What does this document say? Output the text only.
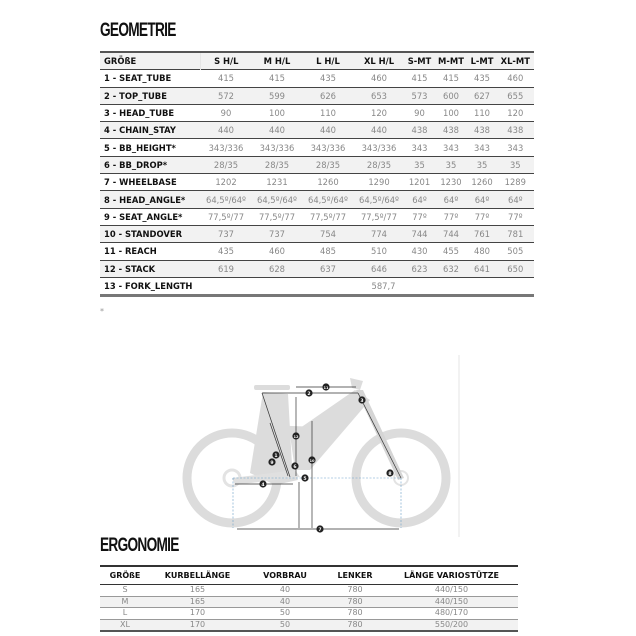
GEOMETRIE
GRÖßE	S H/L	M H/L	L H/L	XL H/L	S-MT	M-MT	L-MT	XL-MT
1 - SEAT_TUBE	415	415	435	460	415	415	435	460
2 - TOP_TUBE	572	599	626	653	573	600	627	655
3 - HEAD_TUBE	90	100	110	120	90	100	110	120
4 - CHAIN_STAY	440	440	440	440	438	438	438	438
5 - BB_HEIGHT*	343/336	343/336	343/336	343/336	343	343	343	343
6 - BB_DROP*	28/35	28/35	28/35	28/35	35	35	35	35
7 - WHEELBASE	1202	1231	1260	1290	1201	1230	1260	1289
8 - HEAD_ANGLE*	64,5º/64º	64,5º/64º	64,5º/64º	64,5º/64º	64º	64º	64º	64º
9 - SEAT_ANGLE*	77,5º/77	77,5º/77	77,5º/77	77,5º/77	77º	77º	77º	77º
10 - STANDOVER	737	737	754	774	744	744	761	781
11 - REACH	435	460	485	510	430	455	480	505
12 - STACK	619	628	637	646	623	632	641	650
13 - FORK_LENGTH				587,7				
*
1
2
3
4
5
6
7
8
9	10
11
12
ERGONOMIE
GRÖßE	KURBELLÄNGE	VORBRAU	LENKER	LÄNGE VARIOSTÜTZE
S	165	40	780	440/150
M	165	40	780	440/150
L	170	50	780	480/170
XL	170	50	780	550/200
